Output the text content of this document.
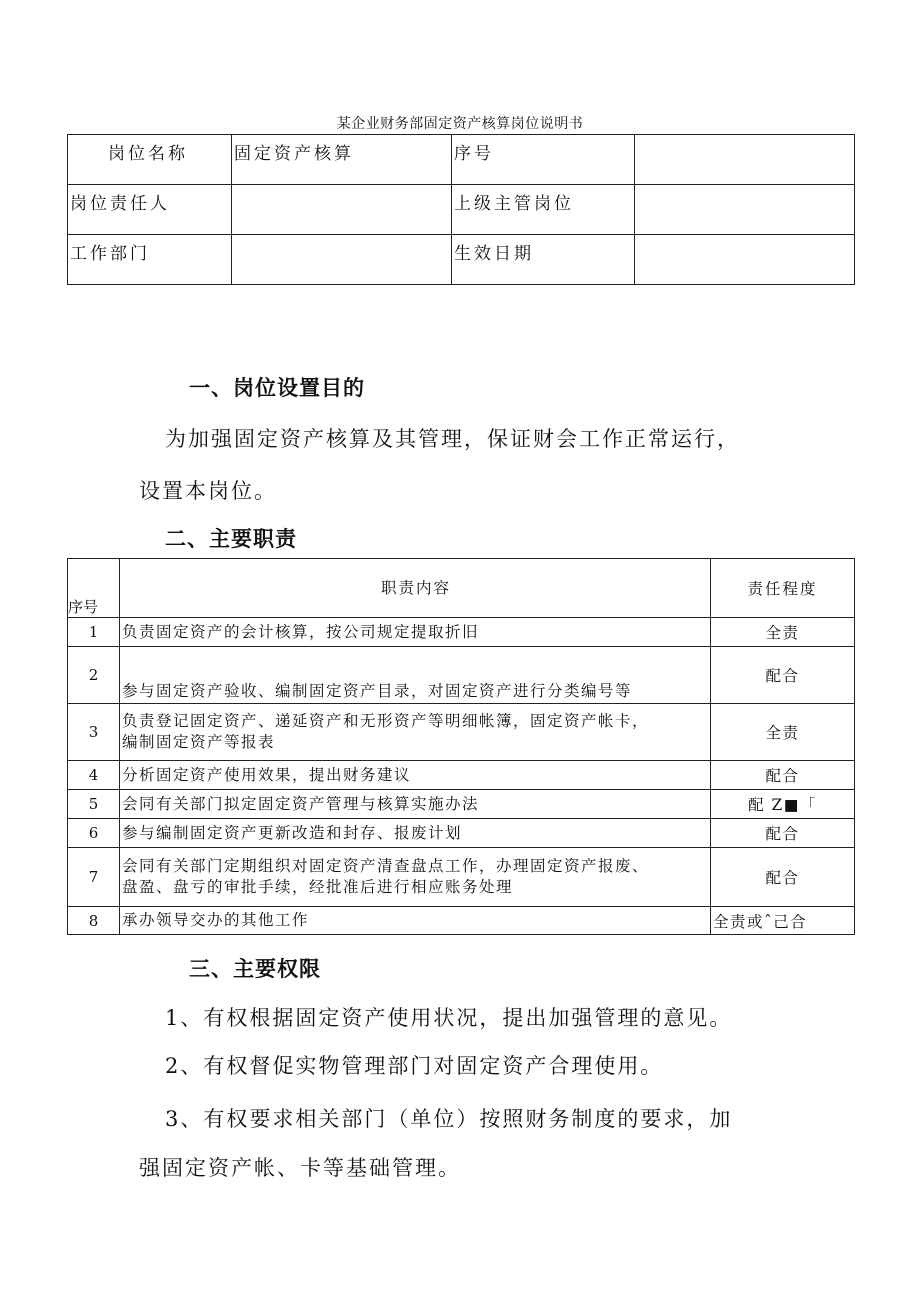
某企业财务部固定资产核算岗位说明书
岗位名称	固定资产核算	序号	

岗位责任人		上级主管岗位	

工作部门		生效日期	

一、岗位设置目的
为加强固定资产核算及其管理，保证财会工作正常运行，
设置本岗位。
二、主要职责
序号	职责内容	责任程度
1	负责固定资产的会计核算，按公司规定提取折旧	全责
2	参与固定资产验收、编制固定资产目录，对固定资产进行分类编号等	配合
3	负责登记固定资产、递延资产和无形资产等明细帐簿，固定资产帐卡，
编制固定资产等报表	全责
4	分析固定资产使用效果，提出财务建议	配合
5	会同有关部门拟定固定资产管理与核算实施办法	配 Z■「
6	参与编制固定资产更新改造和封存、报废计划	配合
7	会同有关部门定期组织对固定资产清查盘点工作，办理固定资产报废、
盘盈、盘亏的审批手续，经批准后进行相应账务处理	配合
8	承办领导交办的其他工作	全责或ˆ己合
三、主要权限
1、有权根据固定资产使用状况，提出加强管理的意见。
2、有权督促实物管理部门对固定资产合理使用。
3、有权要求相关部门（单位）按照财务制度的要求，加
强固定资产帐、卡等基础管理。
